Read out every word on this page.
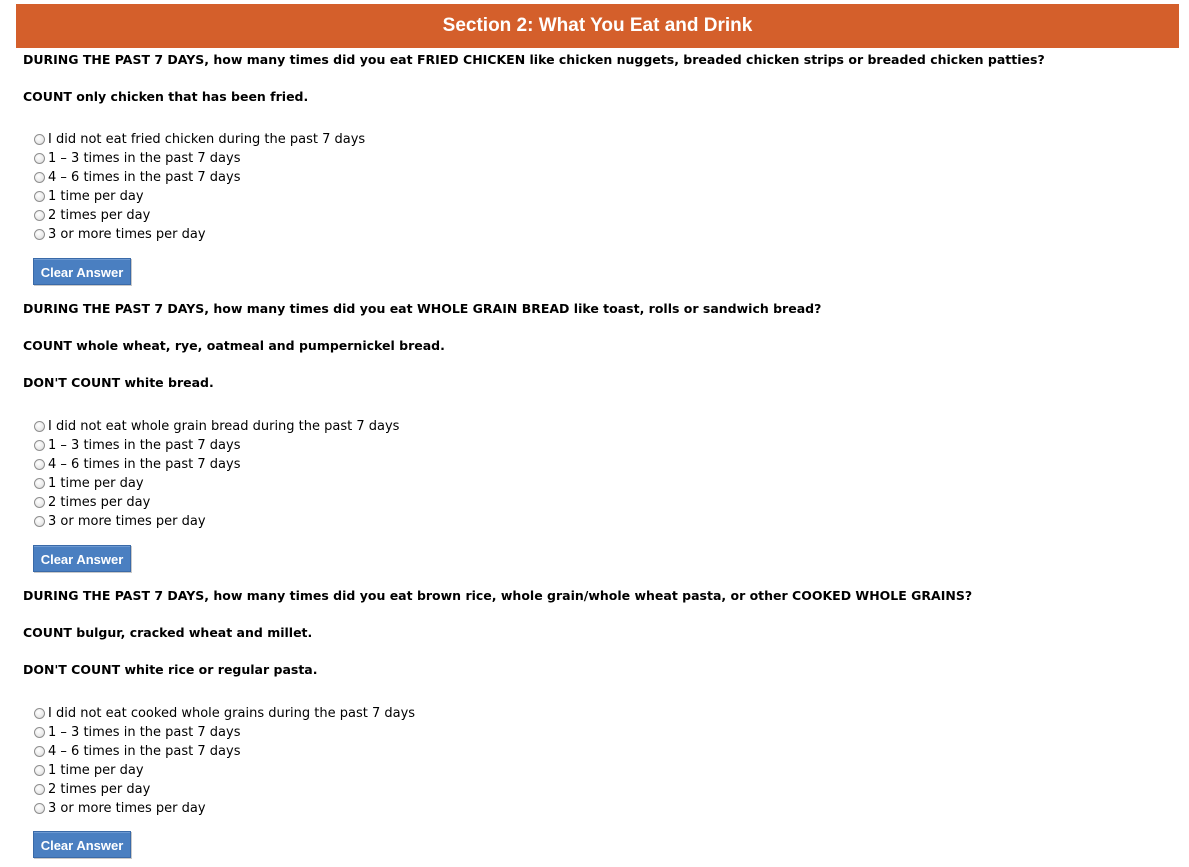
Section 2: What You Eat and Drink

DURING THE PAST 7 DAYS, how many times did you eat FRIED CHICKEN like chicken nuggets, breaded chicken strips or breaded chicken patties?

COUNT only chicken that has been fried.

I did not eat fried chicken during the past 7 days
1 – 3 times in the past 7 days
4 – 6 times in the past 7 days
1 time per day
2 times per day
3 or more times per day
Clear Answer

DURING THE PAST 7 DAYS, how many times did you eat WHOLE GRAIN BREAD like toast, rolls or sandwich bread?

COUNT whole wheat, rye, oatmeal and pumpernickel bread.

DON'T COUNT white bread.

I did not eat whole grain bread during the past 7 days
1 – 3 times in the past 7 days
4 – 6 times in the past 7 days
1 time per day
2 times per day
3 or more times per day
Clear Answer

DURING THE PAST 7 DAYS, how many times did you eat brown rice, whole grain/whole wheat pasta, or other COOKED WHOLE GRAINS?

COUNT bulgur, cracked wheat and millet.

DON'T COUNT white rice or regular pasta.

I did not eat cooked whole grains during the past 7 days
1 – 3 times in the past 7 days
4 – 6 times in the past 7 days
1 time per day
2 times per day
3 or more times per day
Clear Answer
